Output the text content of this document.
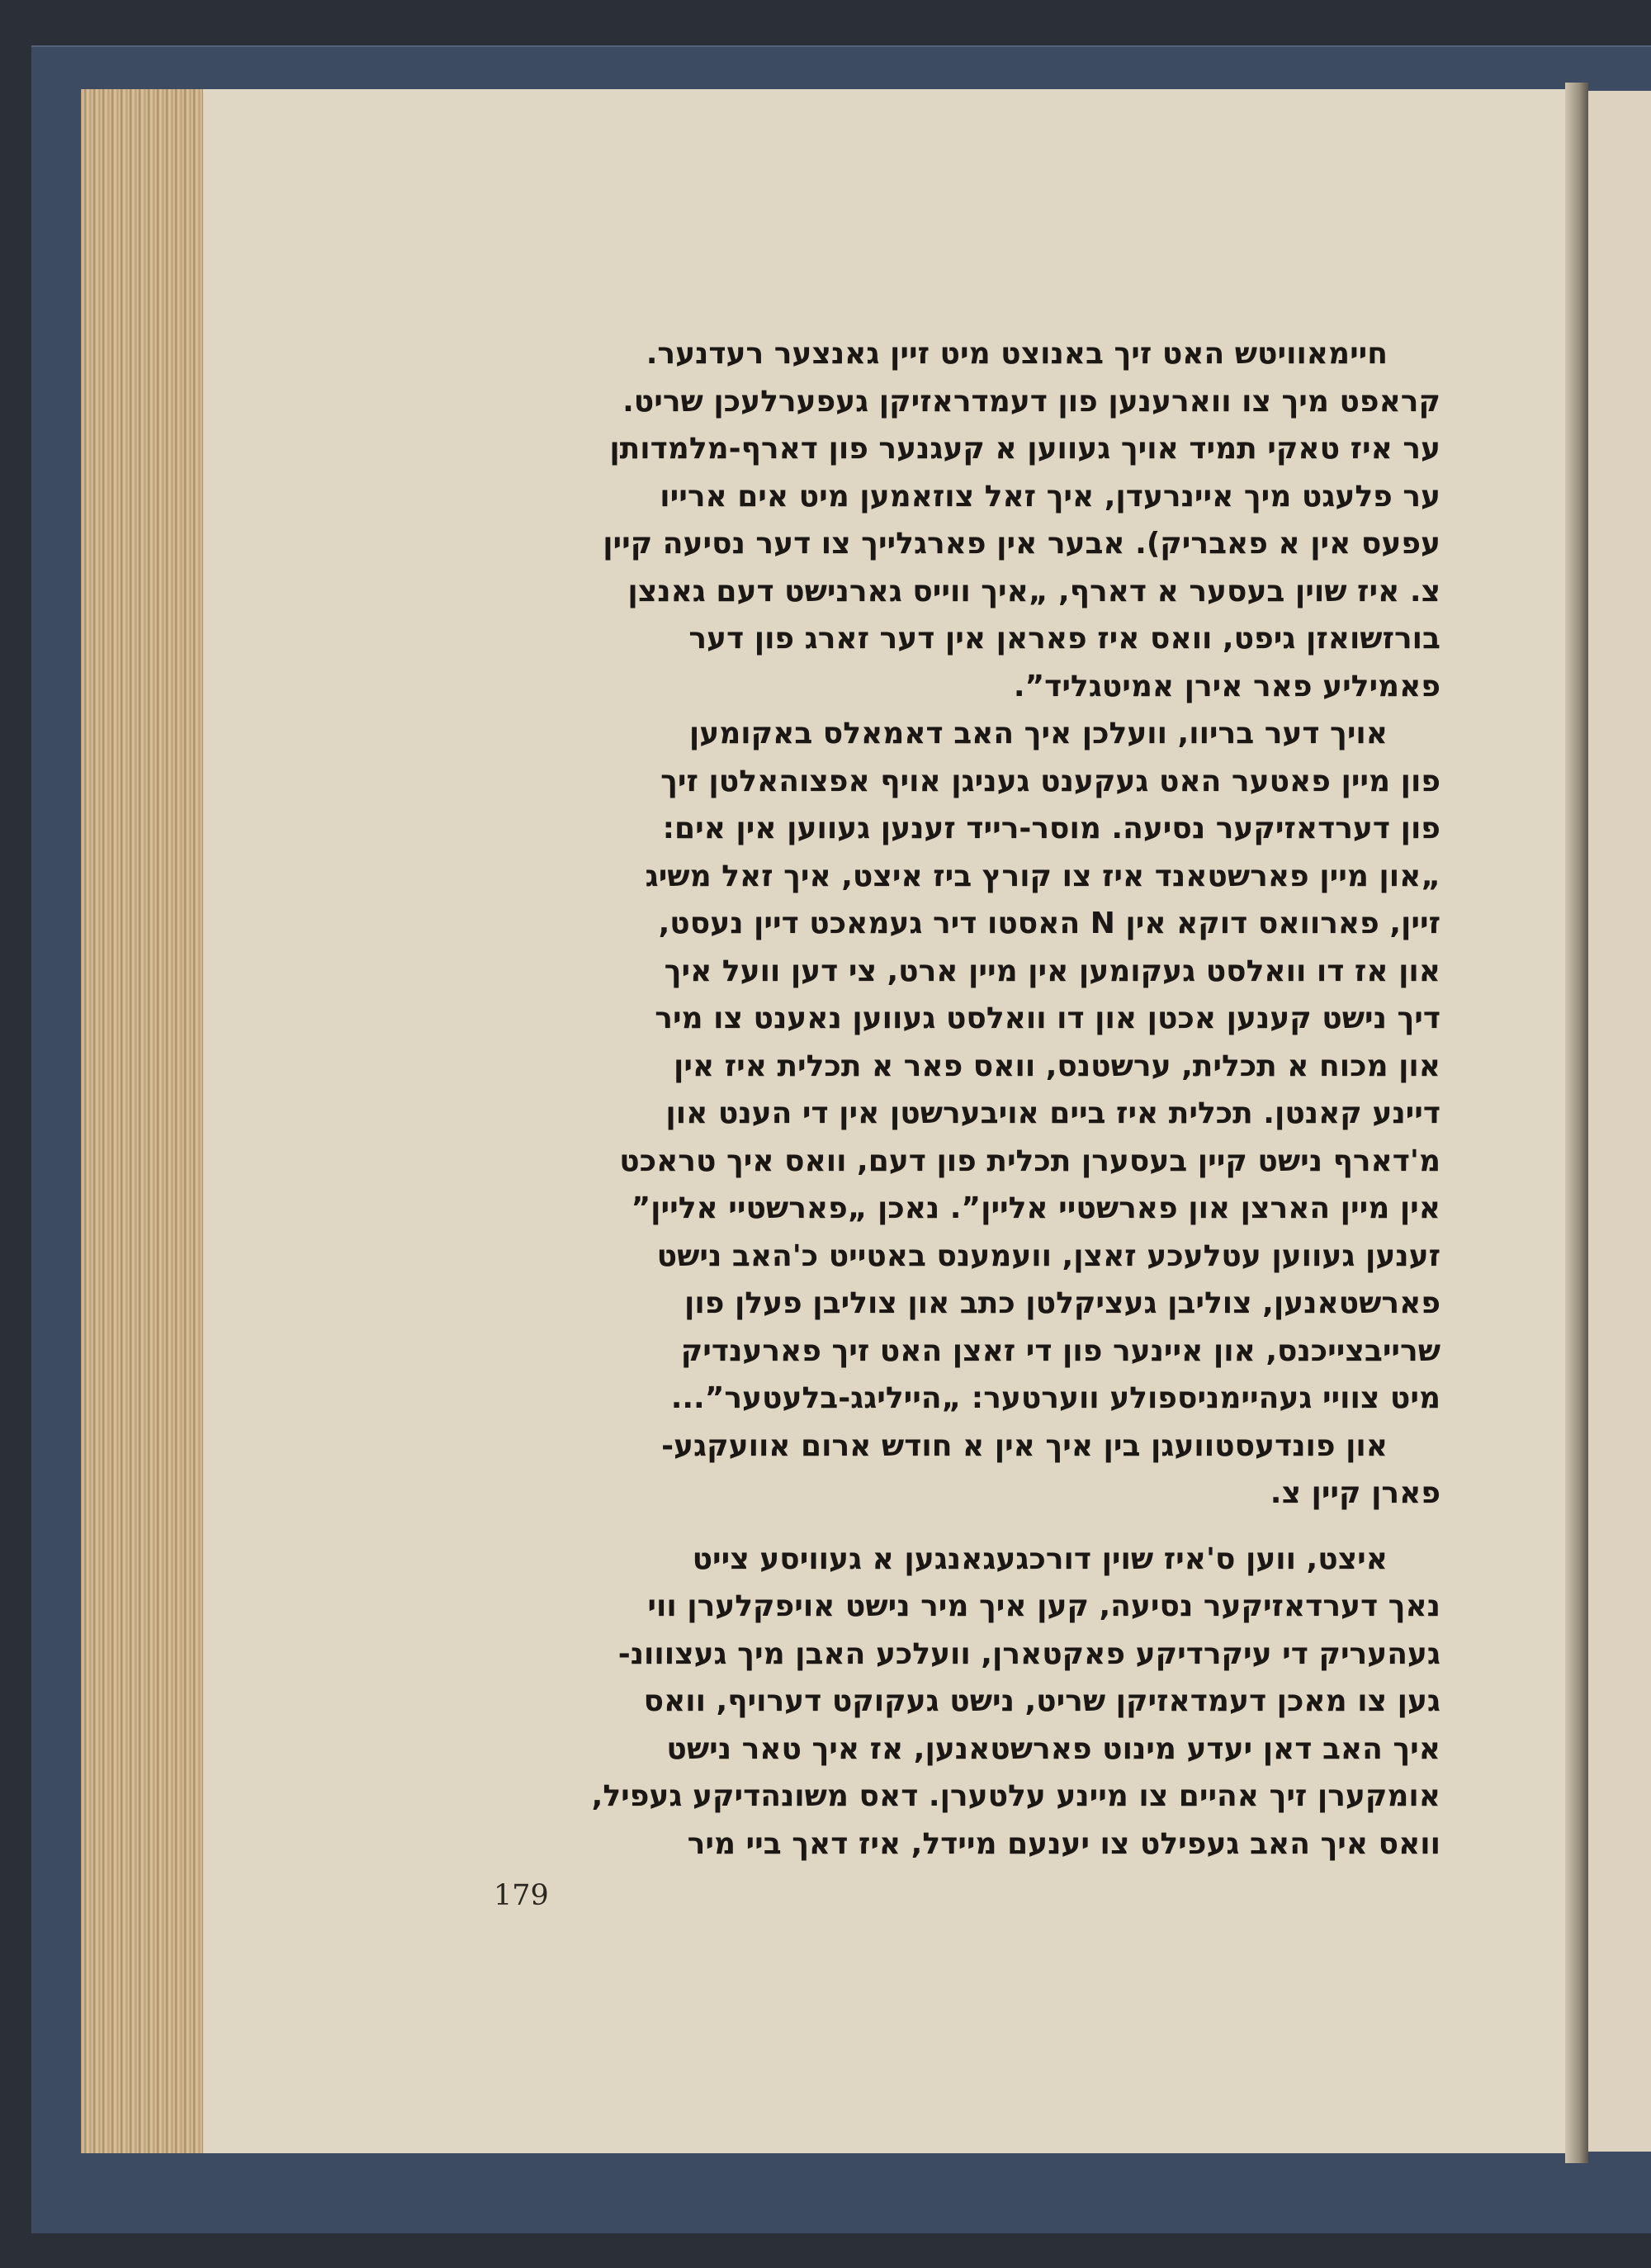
חיימאוויטש האט זיך באנוצט מיט זיין גאנצער רעדנער.
קראפט מיך צו ווארענען פון דעמדראזיקן געפערלעכן שריט.
ער איז טאקי תמיד אויך געווען א קעגנער פון דארף-מלמדותן
ער פלעגט מיך איינרעדן, איך זאל צוזאמען מיט אים ארייו
עפעס אין א פאבריק). אבער אין פארגלייך צו דער נסיעה קיין
צ. איז שוין בעסער א דארף, „איך ווייס גארנישט דעם גאנצן
בורזשואזן גיפט, וואס איז פאראן אין דער זארג פון דער
פאמיליע פאר אירן אמיטגליד”.
אויך דער בריוו, וועלכן איך האב דאמאלס באקומען
פון מיין פאטער האט געקענט געניגן אויף אפצוהאלטן זיך
פון דערדאזיקער נסיעה. מוסר-רייד זענען געווען אין אים:
„און מיין פארשטאנד איז צו קורץ ביז איצט, איך זאל משיג
זיין, פארוואס דוקא אין N האסטו דיר געמאכט דיין נעסט,
און אז דו וואלסט געקומען אין מיין ארט, צי דען וועל איך
דיך נישט קענען אכטן און דו וואלסט געווען נאענט צו מיר
און מכוח א תכלית, ערשטנס, וואס פאר א תכלית איז אין
דיינע קאנטן. תכלית איז ביים אויבערשטן אין די הענט און
מ'דארף נישט קיין בעסערן תכלית פון דעם, וואס איך טראכט
אין מיין הארצן און פארשטיי אליין”. נאכן „פארשטיי אליין”
זענען געווען עטלעכע זאצן, וועמענס באטייט כ'האב נישט
פארשטאנען, צוליבן געציקלטן כתב און צוליבן פעלן פון
שרייבצייכנס, און איינער פון די זאצן האט זיך פארענדיק
מיט צוויי געהיימניספולע ווערטער: „הייליגג-בלעטער”...
און פונדעסטוועגן בין איך אין א חודש ארום אוועקגע-
פארן קיין צ.
איצט, ווען ס'איז שוין דורכגעגאנגען א געוויסע צייט
נאך דערדאזיקער נסיעה, קען איך מיר נישט אויפקלערן ווי
געהעריק די עיקרדיקע פאקטארן, וועלכע האבן מיך געצווונ-
גען צו מאכן דעמדאזיקן שריט, נישט געקוקט דערויף, וואס
איך האב דאן יעדע מינוט פארשטאנען, אז איך טאר נישט
אומקערן זיך אהיים צו מיינע עלטערן. דאס משונהדיקע געפיל,
וואס איך האב געפילט צו יענעם מיידל, איז דאך ביי מיר
179
